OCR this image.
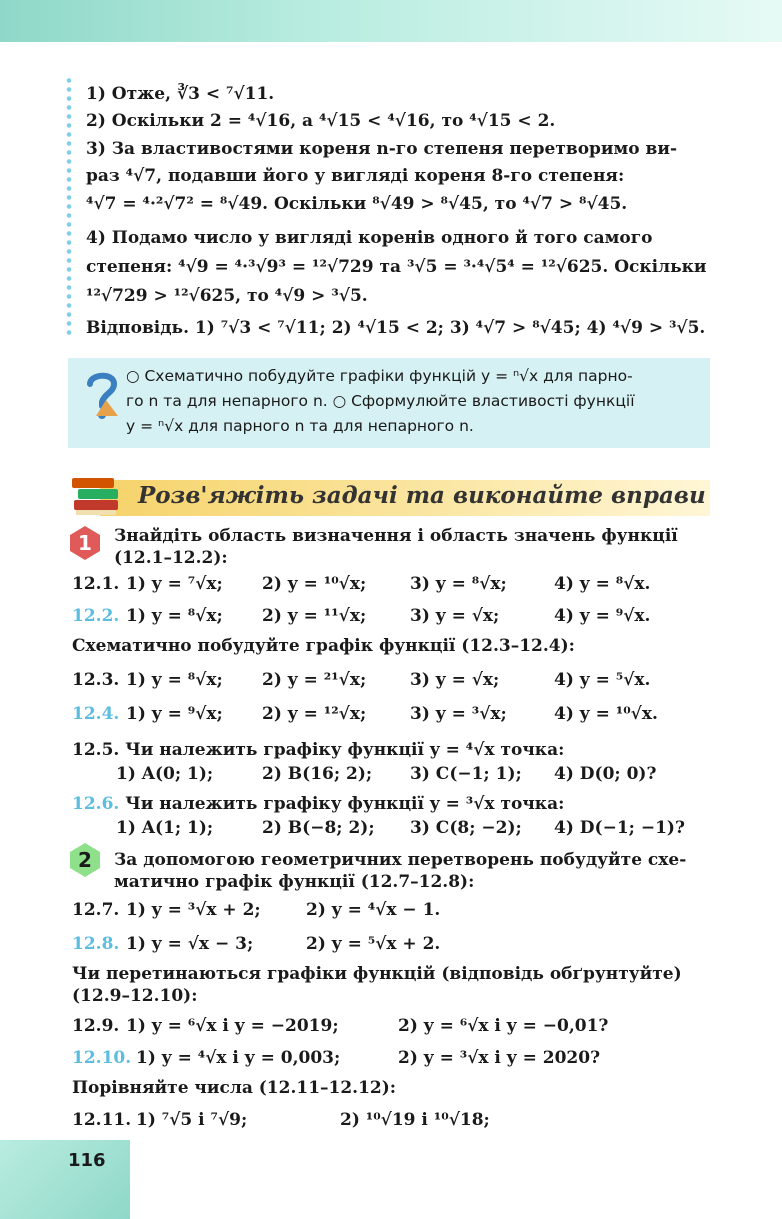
1) Отже, ∛3 < ⁷√11.
2) Оскільки 2 = ⁴√16, а ⁴√15 < ⁴√16, то ⁴√15 < 2.
3) За властивостями кореня n-го степеня перетворимо ви-
раз ⁴√7, подавши його у вигляді кореня 8-го степеня:
⁴√7 = ⁴·²√7² = ⁸√49. Оскільки ⁸√49 > ⁸√45, то ⁴√7 > ⁸√45.
4) Подамо число у вигляді коренів одного й того самого
степеня: ⁴√9 = ⁴·³√9³ = ¹²√729 та ³√5 = ³·⁴√5⁴ = ¹²√625. Оскільки
¹²√729 > ¹²√625, то ⁴√9 > ³√5.
Відповідь. 1) ⁷√3 < ⁷√11; 2) ⁴√15 < 2; 3) ⁴√7 > ⁸√45; 4) ⁴√9 > ³√5.
○ Схематично побудуйте графіки функцій y = ⁿ√x для парно-
го n та для непарного n. ○ Сформулюйте властивості функції
y = ⁿ√x для парного n та для непарного n.
Розв'яжіть задачі та виконайте вправи
1	Знайдіть область визначення і область значень функції
(12.1–12.2):
12.1. 1) y = ⁷√x; 2) y = ¹⁰√x;	3) y = ⁸√x;	4) y = ⁸√x.
12.2. 1) y = ⁸√x; 2) y = ¹¹√x;	3) y = √x;	4) y = ⁹√x.
Схематично побудуйте графік функції (12.3–12.4):
12.3. 1) y = ⁸√x; 2) y = ²¹√x;	3) y = √x;	4) y = ⁵√x.
12.4. 1) y = ⁹√x; 2) y = ¹²√x;	3) y = ³√x;	4) y = ¹⁰√x.
12.5. Чи належить графіку функції y = ⁴√x точка:
1) A(0; 1);	2) B(16; 2); 3) C(−1; 1); 4) D(0; 0)?
12.6. Чи належить графіку функції y = ³√x точка:
1) A(1; 1);	2) B(−8; 2); 3) C(8; −2); 4) D(−1; −1)?
2	За допомогою геометричних перетворень побудуйте схе-
матично графік функції (12.7–12.8):
12.7. 1) y = ³√x + 2;	2) y = ⁴√x − 1.
12.8. 1) y = √x − 3;	2) y = ⁵√x + 2.
Чи перетинаються графіки функцій (відповідь обґрунтуйте)
(12.9–12.10):
12.9. 1) y = ⁶√x і y = −2019;	2) y = ⁶√x і y = −0,01?
12.10. 1) y = ⁴√x і y = 0,003;	2) y = ³√x і y = 2020?
Порівняйте числа (12.11–12.12):
12.11. 1) ⁷√5 і ⁷√9;	2) ¹⁰√19 і ¹⁰√18;
116
